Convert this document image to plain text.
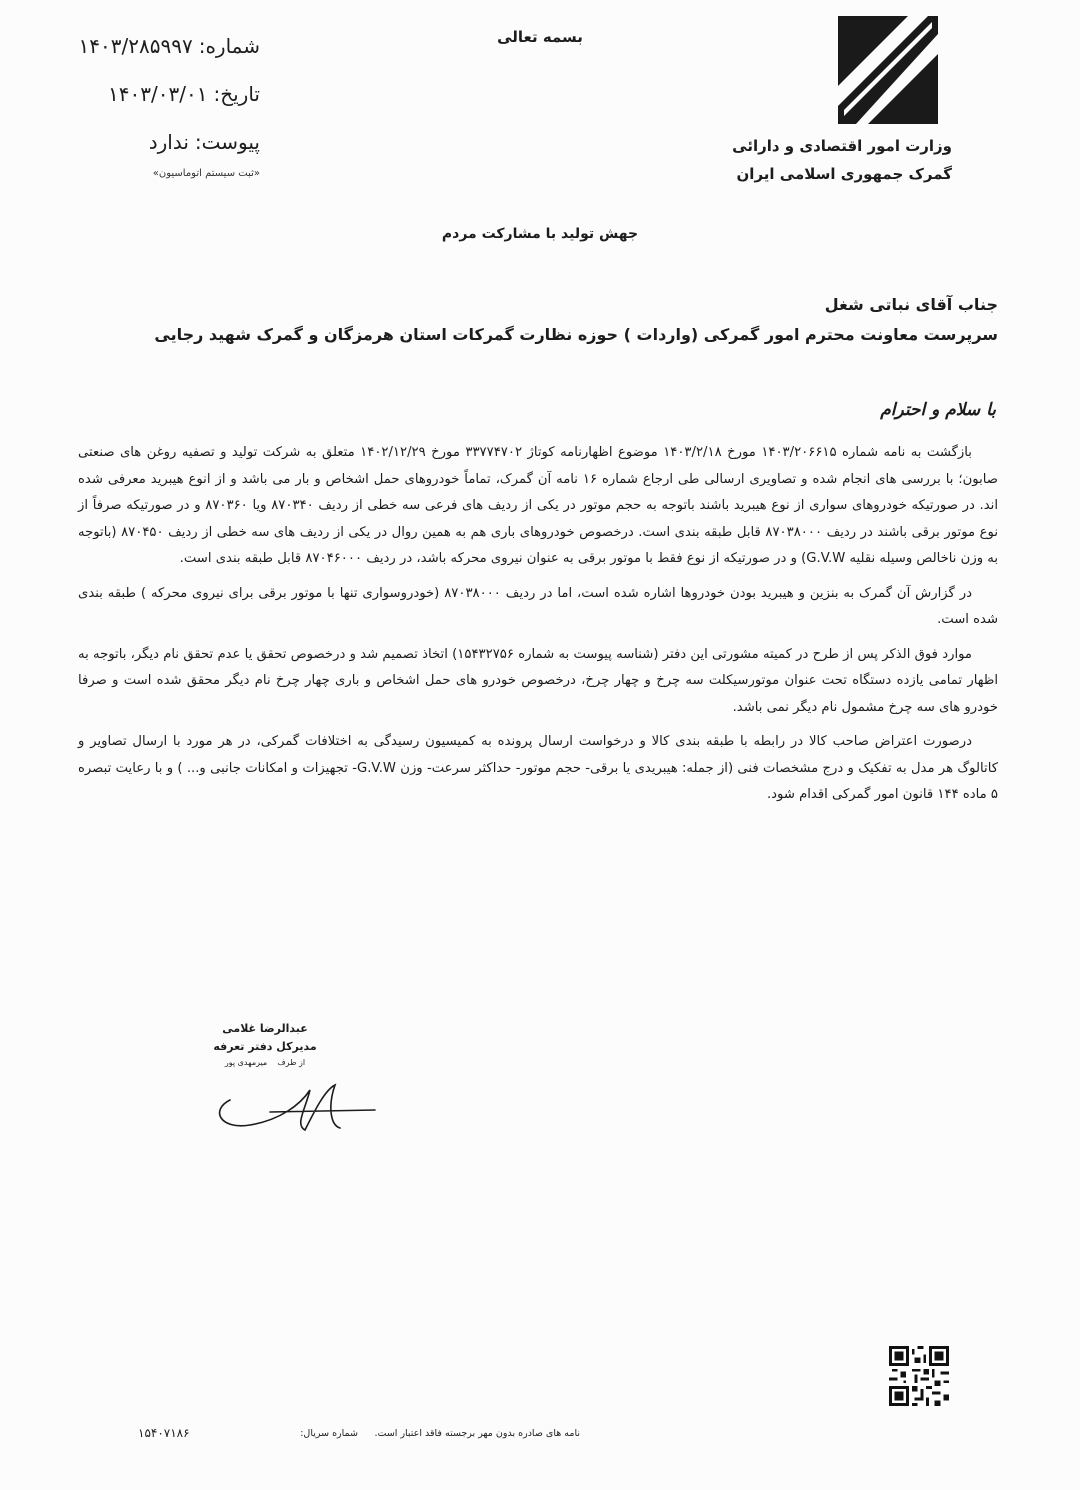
وزارت امور اقتصادی و دارائی
گمرک جمهوری اسلامی ایران
بسمه تعالی
شماره:
۱۴۰۳/۲۸۵۹۹۷
تاریخ:
۱۴۰۳/۰۳/۰۱
پیوست:
ندارد
«ثبت سیستم اتوماسیون»
جهش تولید با مشارکت مردم
جناب آقای نباتی شغل
سرپرست معاونت محترم امور گمرکی (واردات ) حوزه نظارت گمرکات استان هرمزگان و گمرک شهید رجایی
با سلام و احترام

بازگشت به نامه شماره ۱۴۰۳/۲۰۶۶۱۵ مورخ ۱۴۰۳/۲/۱۸ موضوع اظهارنامه کوتاژ ۳۳۷۷۴۷۰۲ مورخ ۱۴۰۲/۱۲/۲۹ متعلق به شرکت تولید و تصفیه روغن های صنعتی صابون؛ با بررسی های انجام شده و تصاویری ارسالی طی ارجاع شماره ۱۶ نامه آن گمرک، تماماً خودروهای حمل اشخاص و بار می باشد و از انوع هیبرید معرفی شده اند. در صورتیکه خودروهای سواری از نوع هیبرید باشند باتوجه به حجم موتور در یکی از ردیف های فرعی سه خطی از ردیف ۸۷۰۳۴۰ ویا ۸۷۰۳۶۰ و در صورتیکه صرفاً از نوع موتور برقی باشند در ردیف ۸۷۰۳۸۰۰۰ قابل طبقه بندی است. درخصوص خودروهای باری هم به همین روال در یکی از ردیف های سه خطی از ردیف ۸۷۰۴۵۰ (باتوجه به وزن ناخالص وسیله نقلیه G.V.W) و در صورتیکه از نوع فقط با موتور برقی به عنوان نیروی محرکه باشد، در ردیف ۸۷۰۴۶۰۰۰ قابل طبقه بندی است.

در گزارش آن گمرک به بنزین و هیبرید بودن خودروها اشاره شده است، اما در ردیف ۸۷۰۳۸۰۰۰ (خودروسواری تنها با موتور برقی برای نیروی محرکه ) طبقه بندی شده است.

موارد فوق الذکر پس از طرح در کمیته مشورتی این دفتر (شناسه پیوست به شماره ۱۵۴۳۲۷۵۶) اتخاذ تصمیم شد و درخصوص تحقق یا عدم تحقق نام دیگر، باتوجه به اظهار تمامی یازده دستگاه تحت عنوان موتورسیکلت سه چرخ و چهار چرخ، درخصوص خودرو های حمل اشخاص و باری چهار چرخ نام دیگر محقق شده است و صرفا خودرو های سه چرخ مشمول نام دیگر نمی باشد.

درصورت اعتراض صاحب کالا در رابطه با طبقه بندی کالا و درخواست ارسال پرونده به کمیسیون رسیدگی به اختلافات گمرکی، در هر مورد با ارسال تصاویر و کاتالوگ هر مدل به تفکیک و درج مشخصات فنی (از جمله: هیبریدی یا برقی- حجم موتور- حداکثر سرعت- وزن G.V.W- تجهیزات و امکانات جانبی و... ) و با رعایت تبصره ۵ ماده ۱۴۴ قانون امور گمرکی اقدام شود.

عبدالرضا غلامی
مدیرکل دفتر تعرفه
از طرف    میرمهدی پور
نامه های صادره بدون مهر برجسته فاقد اعتبار است.
شماره سریال:
۱۵۴۰۷۱۸۶
